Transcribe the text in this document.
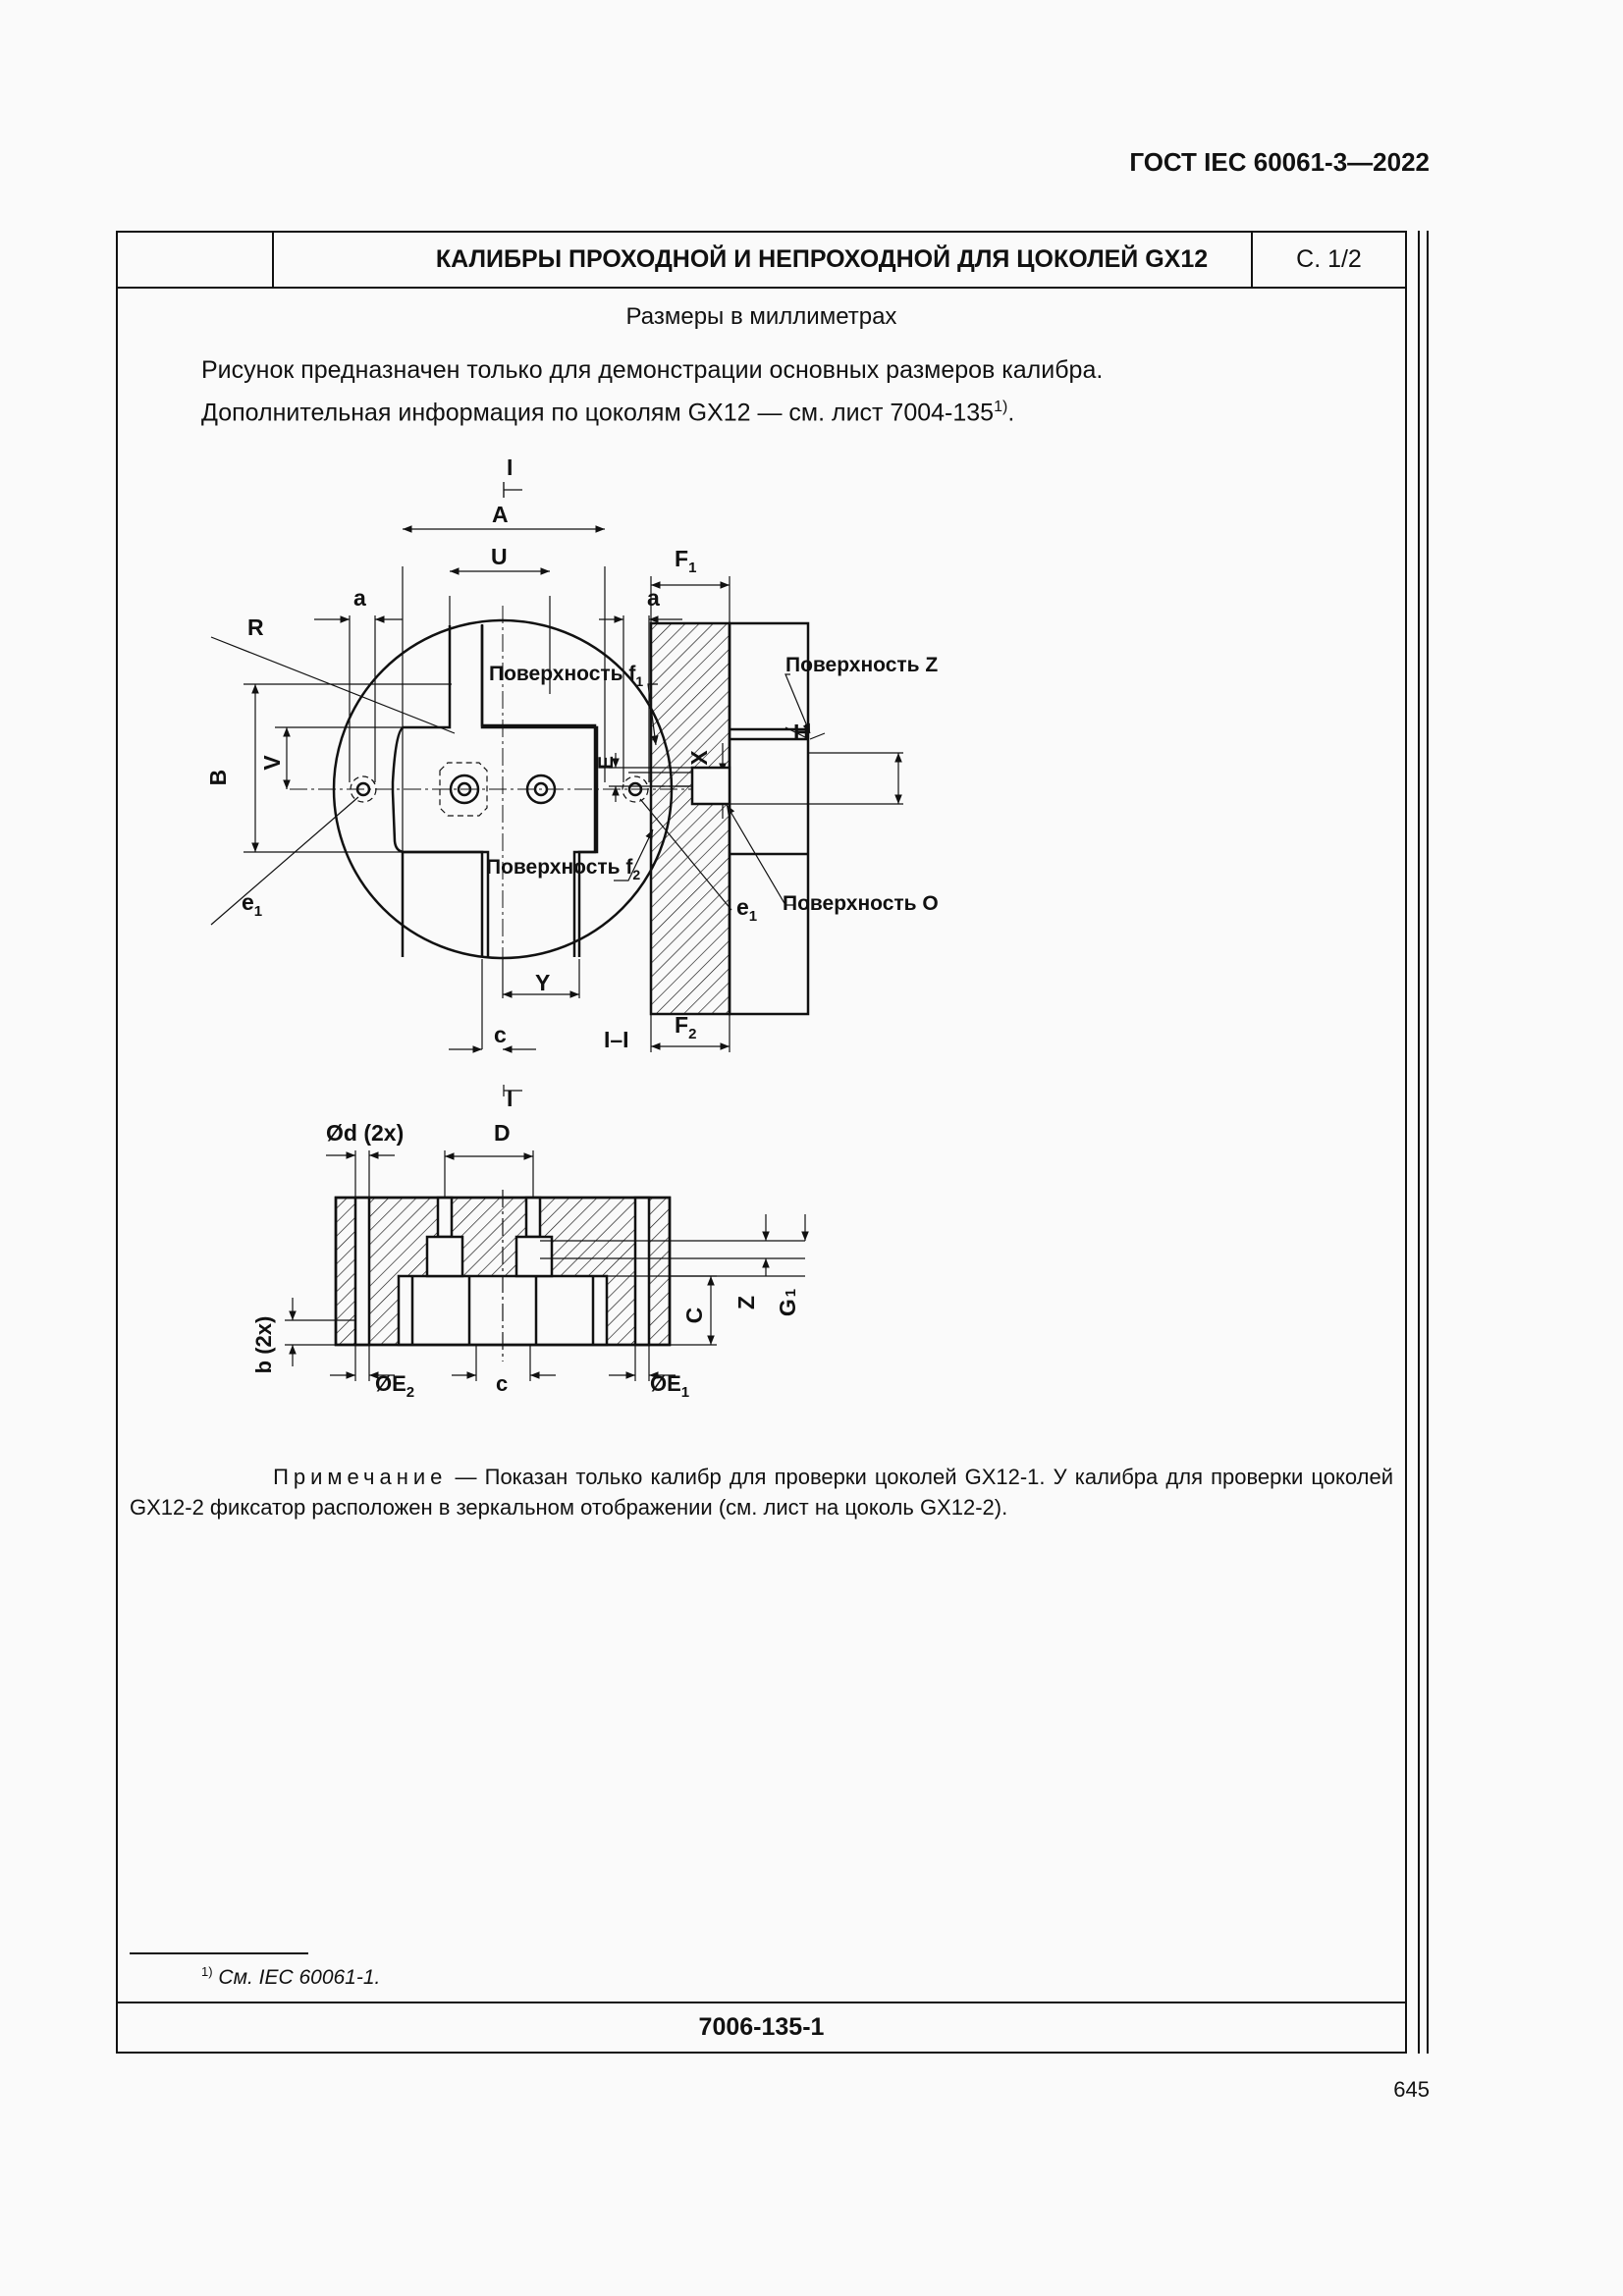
ГОСТ IEC 60061-3—2022
КАЛИБРЫ ПРОХОДНОЙ И НЕПРОХОДНОЙ ДЛЯ ЦОКОЛЕЙ GX12	С. 1/2
Размеры в миллиметрах
Рисунок предназначен только для демонстрации основных размеров калибра.
Дополнительная информация по цоколям GX12 — см. лист 7004-135$^{1)}$.
I
A
U
a	a
R
B
V
Y
c
I
$e_1$	$e_1$
$F_1$
$F_2$
Поверхность $f_1$
Поверхность $f_2$
Поверхность Z
Поверхность O
H
E
I–I
Ød (2x)	D
b (2x)
C
Z G1
$ØE_2$	c	$ØE_1$
Примечание — Показан только калибр для проверки цоколей GX12-1. У калибра для проверки цоколей GX12-2 фиксатор расположен в зеркальном отображении (см. лист на цоколь GX12-2).
$^{1)}$ См. IEC 60061-1.
7006-135-1
645
